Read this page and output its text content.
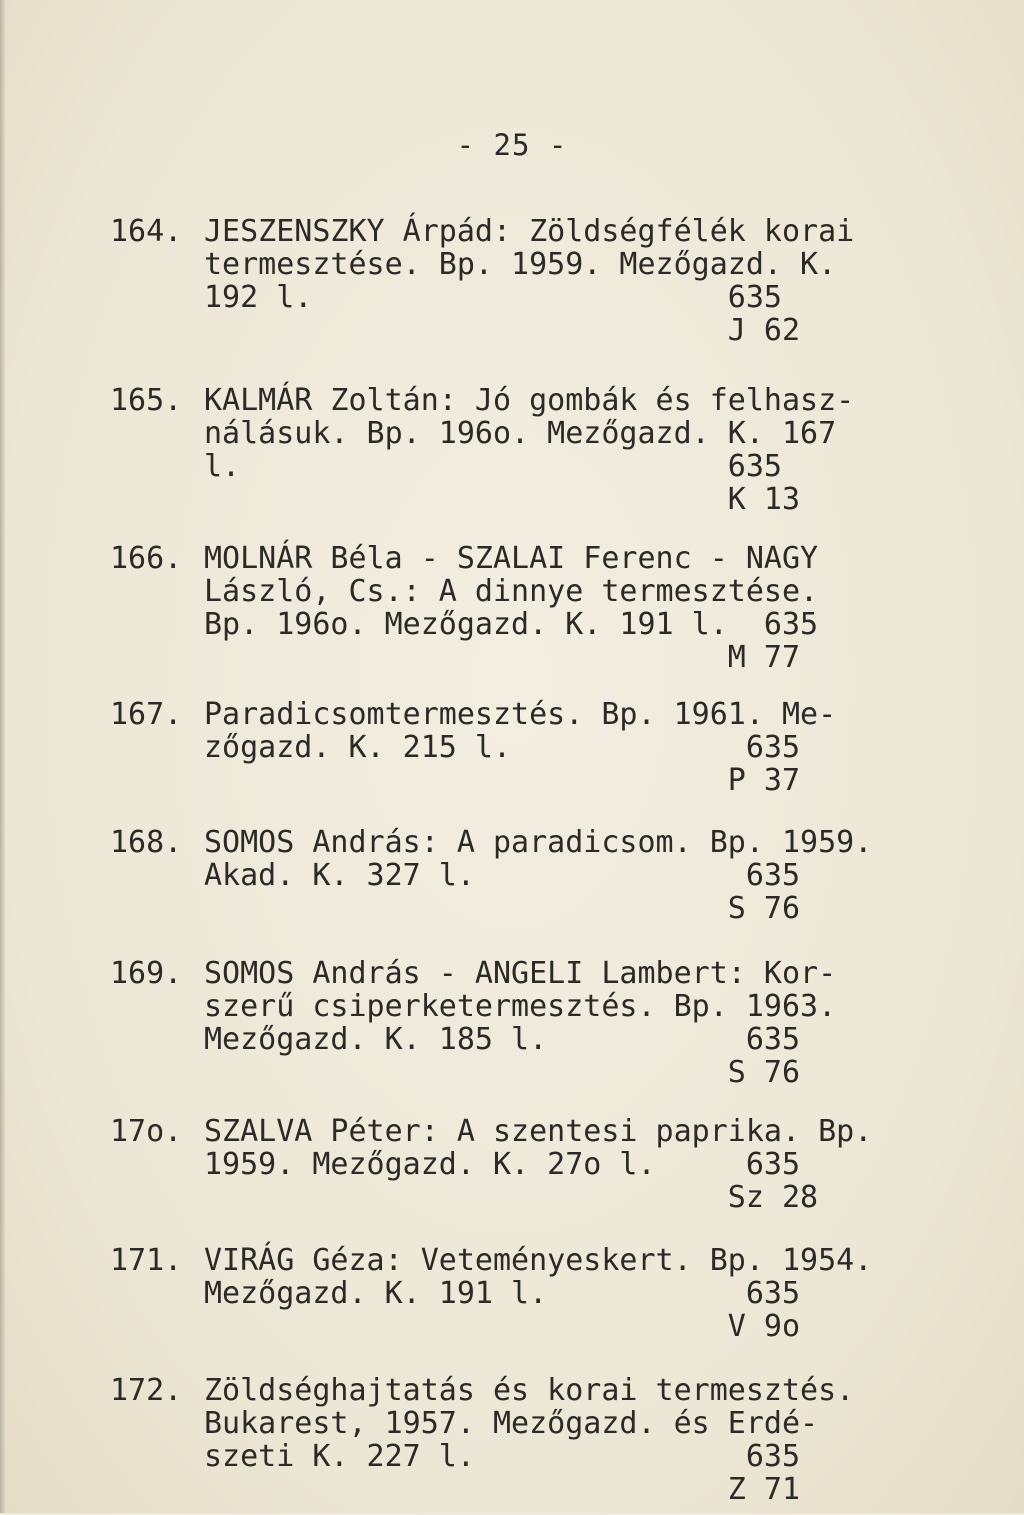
- 25 -
164. JESZENSZKY Árpád: Zöldségfélék korai
termesztése. Bp. 1959. Mezőgazd. K.
192 l.                       635
J 62
165. KALMÁR Zoltán: Jó gombák és felhasz-
nálásuk. Bp. 196o. Mezőgazd. K. 167
l.                           635
K 13
166. MOLNÁR Béla - SZALAI Ferenc - NAGY
László, Cs.: A dinnye termesztése.
Bp. 196o. Mezőgazd. K. 191 l.  635
M 77
167. Paradicsomtermesztés. Bp. 1961. Me-
zőgazd. K. 215 l.             635
P 37
168. SOMOS András: A paradicsom. Bp. 1959.
Akad. K. 327 l.               635
S 76
169. SOMOS András - ANGELI Lambert: Kor-
szerű csiperketermesztés. Bp. 1963.
Mezőgazd. K. 185 l.           635
S 76
17o. SZALVA Péter: A szentesi paprika. Bp.
1959. Mezőgazd. K. 27o l.     635
Sz 28
171. VIRÁG Géza: Veteményeskert. Bp. 1954.
Mezőgazd. K. 191 l.           635
V 9o
172. Zöldséghajtatás és korai termesztés.
Bukarest, 1957. Mezőgazd. és Erdé-
szeti K. 227 l.               635
Z 71
